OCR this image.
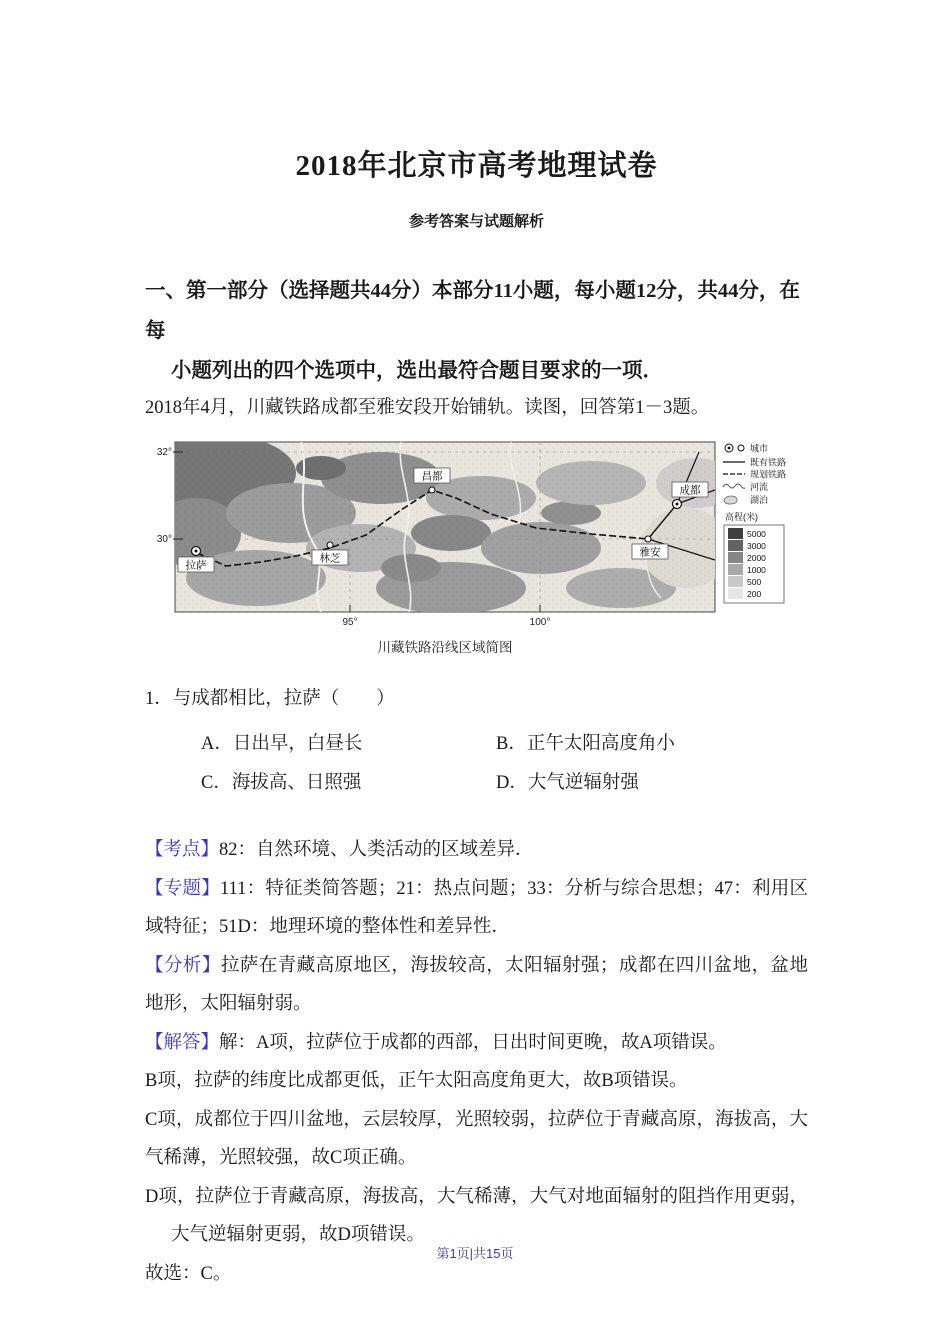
2018年北京市高考地理试卷
参考答案与试题解析
一、第一部分（选择题共44分）本部分11小题，每小题12分，共44分，在每
小题列出的四个选项中，选出最符合题目要求的一项．

2018年4月，川藏铁路成都至雅安段开始铺轨。读图，回答第1－3题。

拉萨
林芝
昌都
雅安
成都
32°
30°
95°	100°
城市
既有铁路
规划铁路
河流
湖泊
高程(米)
5000
3000
2000
1000
500
200
川藏铁路沿线区域简图

1．与成都相比，拉萨（　　）

A．日出早，白昼长	B．正午太阳高度角小
C．海拔高、日照强	D．大气逆辐射强

【考点】82：自然环境、人类活动的区域差异．

【专题】111：特征类简答题；21：热点问题；33：分析与综合思想；47：利用区域特征；51D：地理环境的整体性和差异性．

【分析】拉萨在青藏高原地区，海拔较高，太阳辐射强；成都在四川盆地，盆地地形，太阳辐射弱。

【解答】解：A项，拉萨位于成都的西部，日出时间更晚，故A项错误。

B项，拉萨的纬度比成都更低，正午太阳高度角更大，故B项错误。

C项，成都位于四川盆地，云层较厚，光照较弱，拉萨位于青藏高原，海拔高，大气稀薄，光照较强，故C项正确。

D项，拉萨位于青藏高原，海拔高，大气稀薄，大气对地面辐射的阻挡作用更弱，大气逆辐射更弱，故D项错误。

故选：C。

第1页|共15页
